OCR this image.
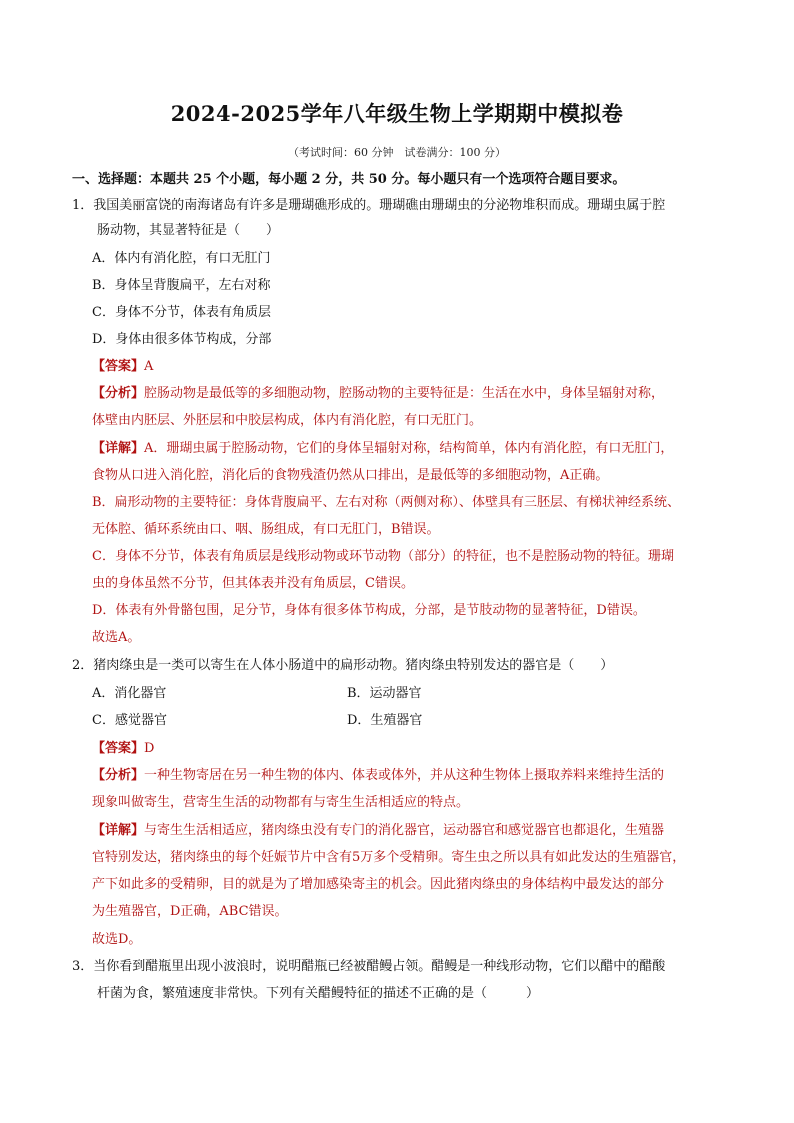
2024-2025学年八年级生物上学期期中模拟卷
（考试时间：60 分钟　试卷满分：100 分）
一、选择题：本题共 25 个小题，每小题 2 分，共 50 分。每小题只有一个选项符合题目要求。
1．我国美丽富饶的南海诸岛有许多是珊瑚礁形成的。珊瑚礁由珊瑚虫的分泌物堆积而成。珊瑚虫属于腔
肠动物，其显著特征是（　　）
A．体内有消化腔，有口无肛门
B．身体呈背腹扁平，左右对称
C．身体不分节，体表有角质层
D．身体由很多体节构成，分部
【答案】A
【分析】腔肠动物是最低等的多细胞动物，腔肠动物的主要特征是：生活在水中，身体呈辐射对称，
体壁由内胚层、外胚层和中胶层构成，体内有消化腔，有口无肛门。
【详解】A．珊瑚虫属于腔肠动物，它们的身体呈辐射对称，结构简单，体内有消化腔，有口无肛门，
食物从口进入消化腔，消化后的食物残渣仍然从口排出，是最低等的多细胞动物，A正确。
B．扁形动物的主要特征：身体背腹扁平、左右对称（两侧对称）、体壁具有三胚层、有梯状神经系统、
无体腔、循环系统由口、咽、肠组成，有口无肛门，B错误。
C．身体不分节，体表有角质层是线形动物或环节动物（部分）的特征，也不是腔肠动物的特征。珊瑚
虫的身体虽然不分节，但其体表并没有角质层，C错误。
D．体表有外骨骼包围，足分节，身体有很多体节构成，分部，是节肢动物的显著特征，D错误。
故选A。
2．猪肉绦虫是一类可以寄生在人体小肠道中的扁形动物。猪肉绦虫特别发达的器官是（　　）
A．消化器官	B．运动器官
C．感觉器官	D．生殖器官
【答案】D
【分析】一种生物寄居在另一种生物的体内、体表或体外，并从这种生物体上摄取养料来维持生活的
现象叫做寄生，营寄生生活的动物都有与寄生生活相适应的特点。
【详解】与寄生生活相适应，猪肉绦虫没有专门的消化器官，运动器官和感觉器官也都退化，生殖器
官特别发达，猪肉绦虫的每个妊娠节片中含有5万多个受精卵。寄生虫之所以具有如此发达的生殖器官，
产下如此多的受精卵，目的就是为了增加感染寄主的机会。因此猪肉绦虫的身体结构中最发达的部分
为生殖器官，D正确，ABC错误。
故选D。
3．当你看到醋瓶里出现小波浪时，说明醋瓶已经被醋鳗占领。醋鳗是一种线形动物，它们以醋中的醋酸
杆菌为食，繁殖速度非常快。下列有关醋鳗特征的描述不正确的是（　　　）
